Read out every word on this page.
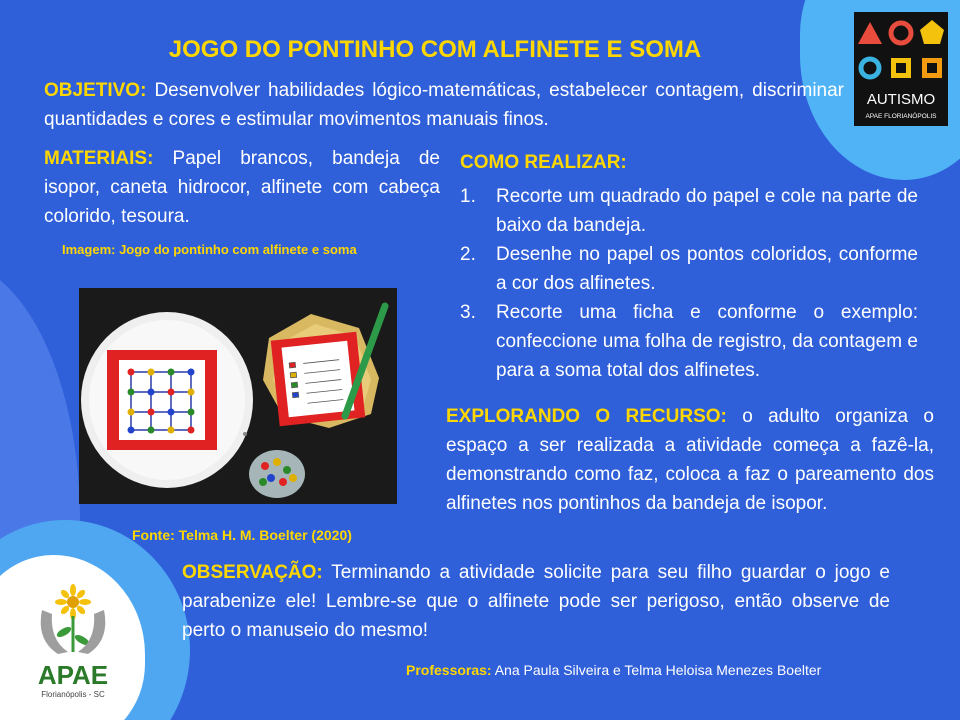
JOGO DO PONTINHO COM ALFINETE E SOMA
OBJETIVO: Desenvolver habilidades lógico-matemáticas, estabelecer contagem, discriminar quantidades e cores e estimular movimentos manuais finos.
MATERIAIS: Papel brancos, bandeja de isopor, caneta hidrocor, alfinete com cabeça colorido, tesoura.
Imagem: Jogo do pontinho com alfinete e soma
Fonte: Telma H. M. Boelter (2020)
COMO REALIZAR:
1. Recorte um quadrado do papel e cole na parte de baixo da bandeja.
2. Desenhe no papel os pontos coloridos, conforme a cor dos alfinetes.
3. Recorte uma ficha e conforme o exemplo: confeccione uma folha de registro, da contagem e para a soma total dos alfinetes.
EXPLORANDO O RECURSO: o adulto organiza o espaço a ser realizada a atividade começa a fazê-la, demonstrando como faz, coloca a faz o pareamento dos alfinetes nos pontinhos da bandeja de isopor.
OBSERVAÇÃO: Terminando a atividade solicite para seu filho guardar o jogo e parabenize ele! Lembre-se que o alfinete pode ser perigoso, então observe de perto o manuseio do mesmo!
Professoras: Ana Paula Silveira e Telma Heloisa Menezes Boelter
AUTISMO
APAE FLORIANÓPOLIS
APAE
Florianópolis - SC
